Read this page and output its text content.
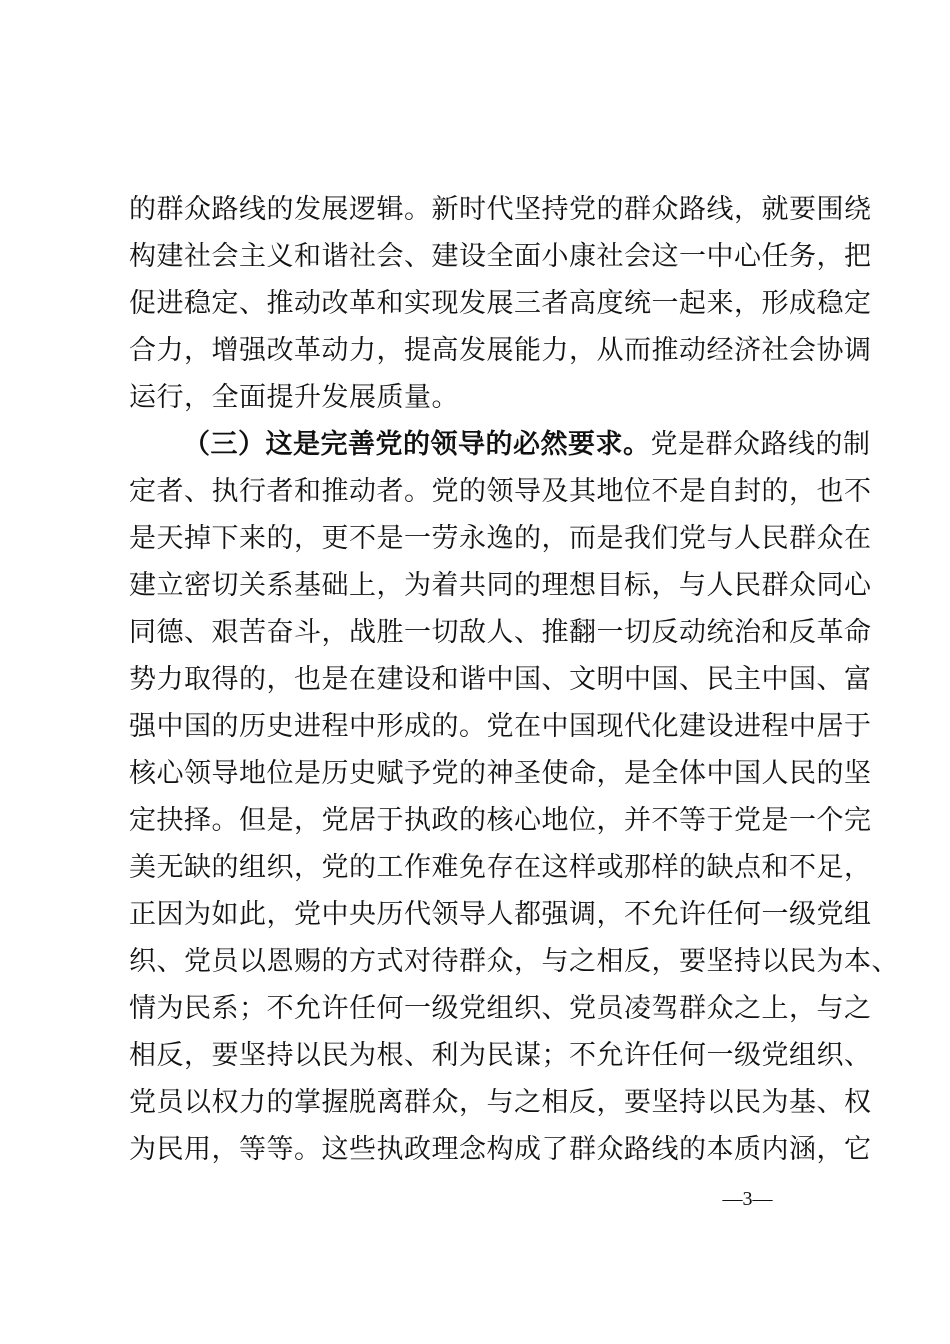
的群众路线的发展逻辑。新时代坚持党的群众路线，就要围绕
构建社会主义和谐社会、建设全面小康社会这一中心任务，把
促进稳定、推动改革和实现发展三者高度统一起来，形成稳定
合力，增强改革动力，提高发展能力，从而推动经济社会协调
运行，全面提升发展质量。
（三）这是完善党的领导的必然要求。党是群众路线的制
定者、执行者和推动者。党的领导及其地位不是自封的，也不
是天掉下来的，更不是一劳永逸的，而是我们党与人民群众在
建立密切关系基础上，为着共同的理想目标，与人民群众同心
同德、艰苦奋斗，战胜一切敌人、推翻一切反动统治和反革命
势力取得的，也是在建设和谐中国、文明中国、民主中国、富
强中国的历史进程中形成的。党在中国现代化建设进程中居于
核心领导地位是历史赋予党的神圣使命，是全体中国人民的坚
定抉择。但是，党居于执政的核心地位，并不等于党是一个完
美无缺的组织，党的工作难免存在这样或那样的缺点和不足，
正因为如此，党中央历代领导人都强调，不允许任何一级党组
织、党员以恩赐的方式对待群众，与之相反，要坚持以民为本、
情为民系；不允许任何一级党组织、党员凌驾群众之上，与之
相反，要坚持以民为根、利为民谋；不允许任何一级党组织、
党员以权力的掌握脱离群众，与之相反，要坚持以民为基、权
为民用，等等。这些执政理念构成了群众路线的本质内涵，它
—3—
